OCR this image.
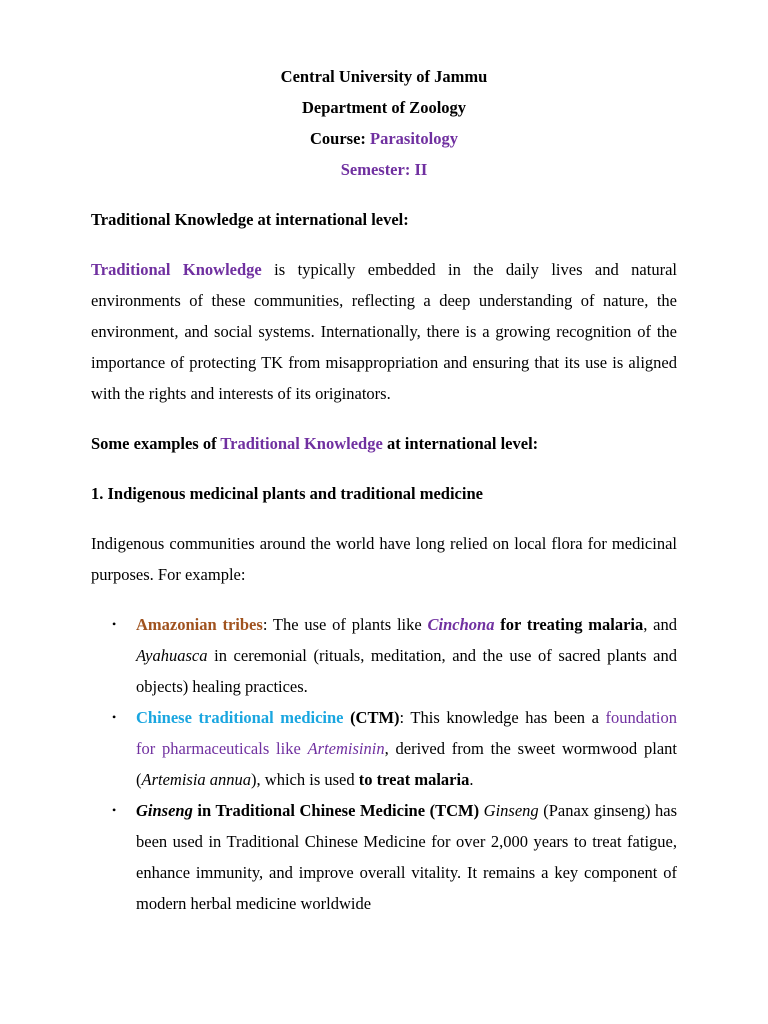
Central University of Jammu
Department of Zoology
Course: Parasitology
Semester: II
Traditional Knowledge at international level:
Traditional Knowledge is typically embedded in the daily lives and natural environments of these communities, reflecting a deep understanding of nature, the environment, and social systems. Internationally, there is a growing recognition of the importance of protecting TK from misappropriation and ensuring that its use is aligned with the rights and interests of its originators.
Some examples of Traditional Knowledge at international level:
1. Indigenous medicinal plants and traditional medicine
Indigenous communities around the world have long relied on local flora for medicinal purposes. For example:
• Amazonian tribes: The use of plants like Cinchona for treating malaria, and Ayahuasca in ceremonial (rituals, meditation, and the use of sacred plants and objects) healing practices.
• Chinese traditional medicine (CTM): This knowledge has been a foundation for pharmaceuticals like Artemisinin, derived from the sweet wormwood plant (Artemisia annua), which is used to treat malaria.
• Ginseng in Traditional Chinese Medicine (TCM) Ginseng (Panax ginseng) has been used in Traditional Chinese Medicine for over 2,000 years to treat fatigue, enhance immunity, and improve overall vitality. It remains a key component of modern herbal medicine worldwide
